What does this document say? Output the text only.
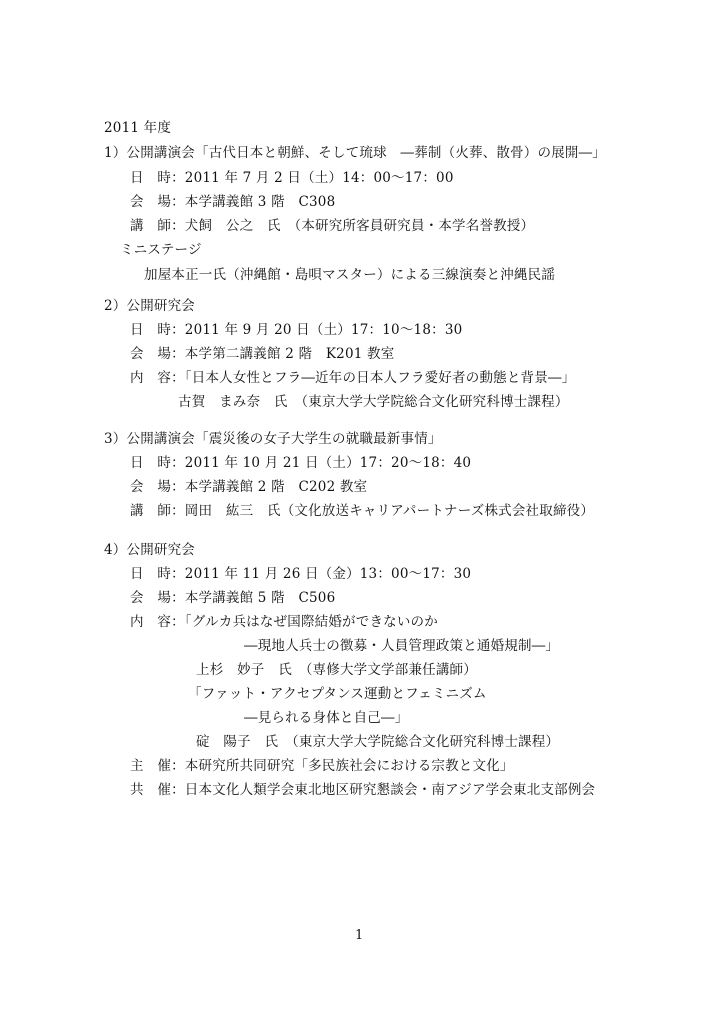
2011 年度
1）公開講演会「古代日本と朝鮮、そして琉球　―葬制（火葬、散骨）の展開―」
日　時：2011 年 7 月 2 日（土）14：00～17：00
会　場：本学講義館 3 階　C308
講　師：犬飼　公之　氏　（本研究所客員研究員・本学名誉教授）
ミニステージ
加屋本正一氏（沖縄館・島唄マスター）による三線演奏と沖縄民謡
2）公開研究会
日　時：2011 年 9 月 20 日（土）17：10～18：30
会　場：本学第二講義館 2 階　K201 教室
内　容：「日本人女性とフラ―近年の日本人フラ愛好者の動態と背景―」
古賀　まみ奈　氏　（東京大学大学院総合文化研究科博士課程）
3）公開講演会「震災後の女子大学生の就職最新事情」
日　時：2011 年 10 月 21 日（土）17：20～18：40
会　場：本学講義館 2 階　C202 教室
講　師：岡田　紘三　氏（文化放送キャリアパートナーズ株式会社取締役）
4）公開研究会
日　時：2011 年 11 月 26 日（金）13：00～17：30
会　場：本学講義館 5 階　C506
内　容：「グルカ兵はなぜ国際結婚ができないのか
―現地人兵士の徴募・人員管理政策と通婚規制―」
上杉　妙子　氏　（専修大学文学部兼任講師）
「ファット・アクセプタンス運動とフェミニズム
―見られる身体と自己―」
碇　陽子　氏　（東京大学大学院総合文化研究科博士課程）
主　催：本研究所共同研究「多民族社会における宗教と文化」
共　催：日本文化人類学会東北地区研究懇談会・南アジア学会東北支部例会
1
